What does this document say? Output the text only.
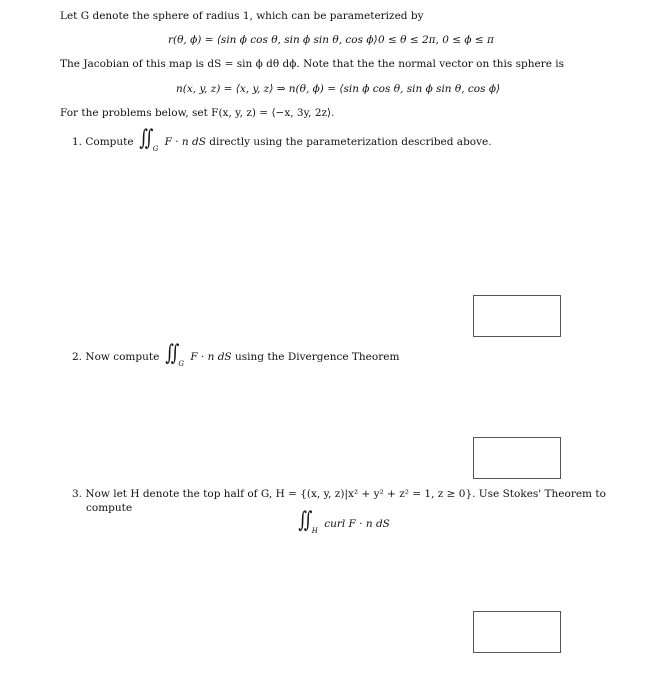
Let G denote the sphere of radius 1, which can be parameterized by
r(θ, ϕ) = ⟨sin ϕ cos θ, sin ϕ sin θ, cos ϕ⟩ 0 ≤ θ ≤ 2π, 0 ≤ ϕ ≤ π
The Jacobian of this map is dS = sin ϕ dθ dϕ. Note that the the normal vector on this sphere is
n(x, y, z) = ⟨x, y, z⟩ ⇒ n(θ, ϕ) = ⟨sin ϕ cos θ, sin ϕ sin θ, cos ϕ⟩
For the problems below, set F(x, y, z) = ⟨−x, 3y, 2z⟩.
1. Compute $∬_G$ F · n dS directly using the parameterization described above.
2. Now compute $∬_G$ F · n dS using the Divergence Theorem
3. Now let H denote the top half of G, H = {(x, y, z)|x² + y² + z² = 1, z ≥ 0}. Use Stokes' Theorem to
compute	$∬_H$ curl F · n dS
